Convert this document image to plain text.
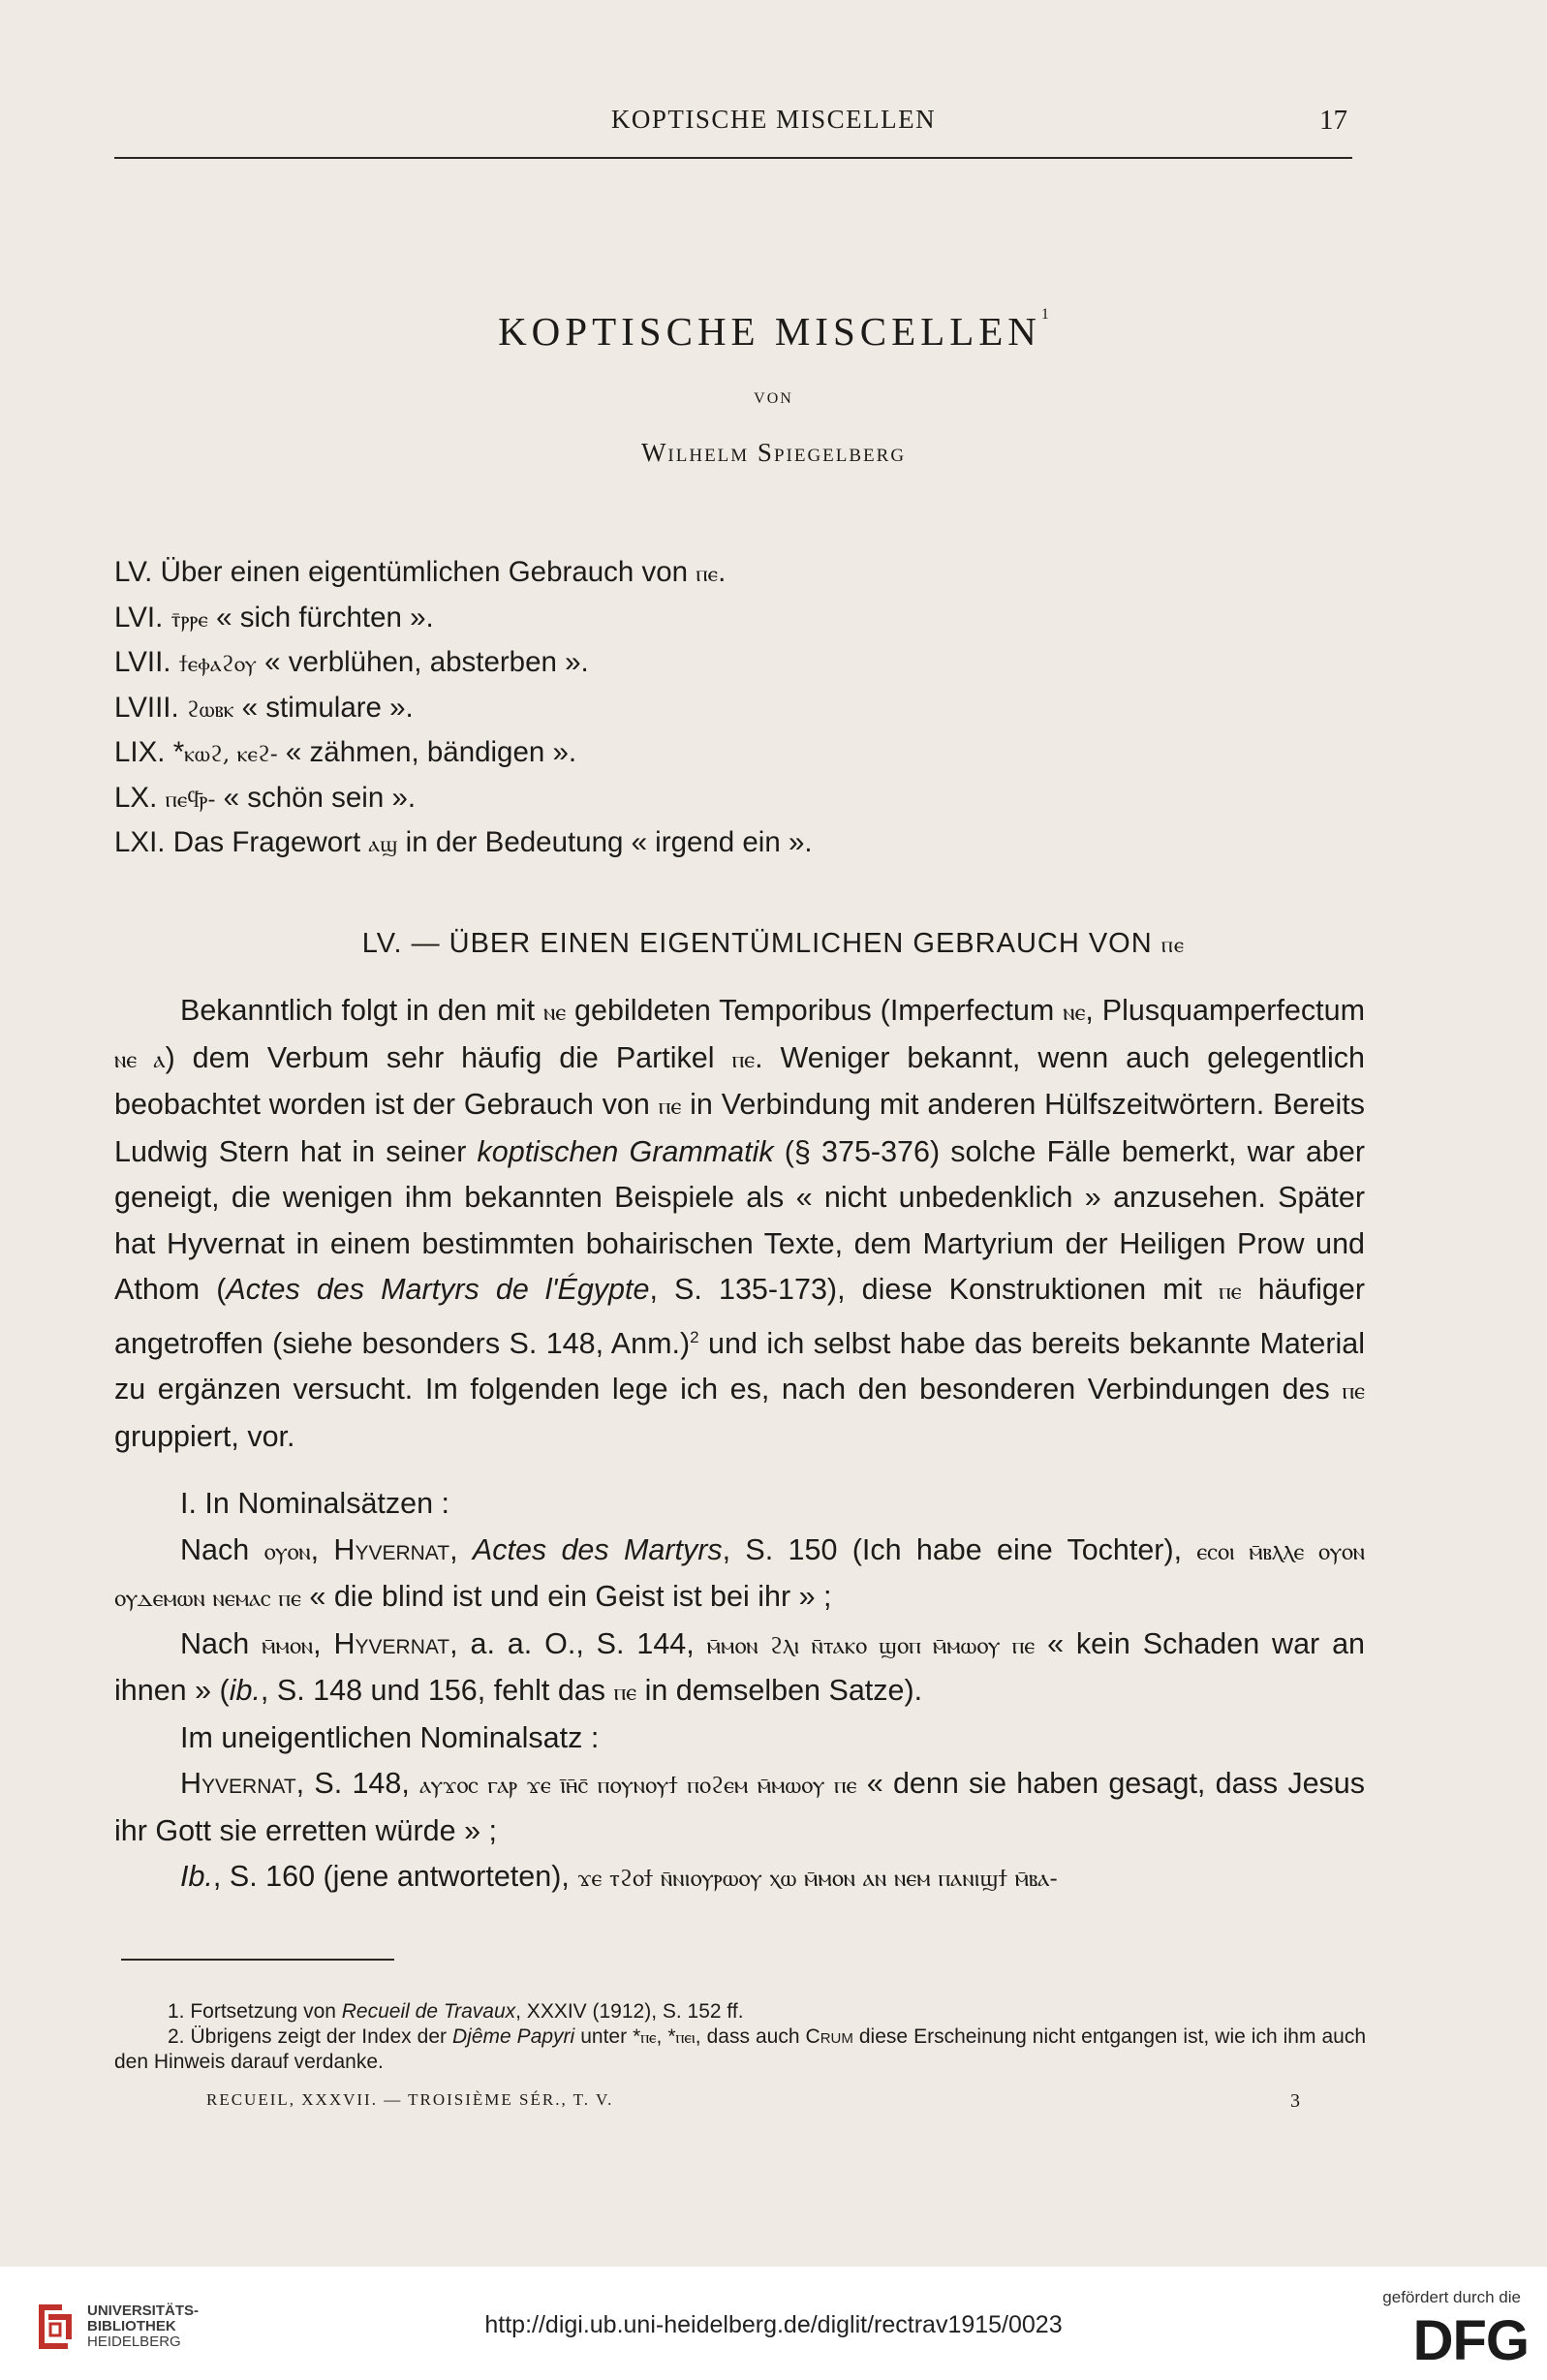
KOPTISCHE MISCELLEN	17
KOPTISCHE MISCELLEN$^1$
VON
Wilhelm Spiegelberg
LV. Über einen eigentümlichen Gebrauch von ⲡⲉ.
LVI. ⲧ̄ⲣⲣⲉ « sich fürchten ».
LVII. ϯⲉⲫⲁϩⲟⲩ « verblühen, absterben ».
LVIII. ϩⲱⲃⲕ « stimulare ».
LIX. *ⲕⲱϩ, ⲕⲉϩ- « zähmen, bändigen ».
LX. ⲡⲉϥ̄ⲣ- « schön sein ».
LXI. Das Fragewort ⲁϣ in der Bedeutung « irgend ein ».
LV. — ÜBER EINEN EIGENTÜMLICHEN GEBRAUCH VON ⲡⲉ

Bekanntlich folgt in den mit ⲛⲉ gebildeten Temporibus (Imperfectum ⲛⲉ, Plusquamperfectum ⲛⲉ ⲁ) dem Verbum sehr häufig die Partikel ⲡⲉ. Weniger bekannt, wenn auch gelegentlich beobachtet worden ist der Gebrauch von ⲡⲉ in Verbindung mit anderen Hülfszeitwörtern. Bereits Ludwig Stern hat in seiner koptischen Grammatik (§ 375-376) solche Fälle bemerkt, war aber geneigt, die wenigen ihm bekannten Beispiele als « nicht unbedenklich » anzusehen. Später hat Hyvernat in einem bestimmten bohairischen Texte, dem Martyrium der Heiligen Prow und Athom (Actes des Martyrs de l'Égypte, S. 135-173), diese Konstruktionen mit ⲡⲉ häufiger angetroffen (siehe besonders S. 148, Anm.)$^2$ und ich selbst habe das bereits bekannte Material zu ergänzen versucht. Im folgenden lege ich es, nach den besonderen Verbindungen des ⲡⲉ gruppiert, vor.

I. In Nominalsätzen :

Nach ⲟⲩⲟⲛ, Hyvernat, Actes des Martyrs, S. 150 (Ich habe eine Tochter), ⲉⲥⲟⲓ ⲙ̄ⲃⲗⲗⲉ ⲟⲩⲟⲛ ⲟⲩⲇⲉⲙⲱⲛ ⲛⲉⲙⲁⲥ ⲡⲉ « die blind ist und ein Geist ist bei ihr » ;

Nach ⲙ̄ⲙⲟⲛ, Hyvernat, a. a. O., S. 144, ⲙ̄ⲙⲟⲛ ϩⲗⲓ ⲛ̄ⲧⲁⲕⲟ ϣⲟⲡ ⲙ̄ⲙⲱⲟⲩ ⲡⲉ « kein Schaden war an ihnen » (ib., S. 148 und 156, fehlt das ⲡⲉ in demselben Satze).

Im uneigentlichen Nominalsatz :

Hyvernat, S. 148, ⲁⲩϫⲟⲥ ⲅⲁⲣ ϫⲉ ⲓ̄ⲏ̄ⲥ̄ ⲡⲟⲩⲛⲟⲩϯ ⲡⲟϩⲉⲙ ⲙ̄ⲙⲱⲟⲩ ⲡⲉ « denn sie haben gesagt, dass Jesus ihr Gott sie erretten würde » ;

Ib., S. 160 (jene antworteten), ϫⲉ ⲧϩⲟϯ ⲛ̄ⲛⲓⲟⲩⲣⲱⲟⲩ ⲭⲱ ⲙ̄ⲙⲟⲛ ⲁⲛ ⲛⲉⲙ ⲡⲁⲛⲓϣϯ ⲙ̄ⲃⲁ-

1. Fortsetzung von Recueil de Travaux, XXXIV (1912), S. 152 ff.

2. Übrigens zeigt der Index der Djême Papyri unter *ⲡⲉ, *ⲡⲉⲓ, dass auch Crum diese Erscheinung nicht entgangen ist, wie ich ihm auch den Hinweis darauf verdanke.

RECUEIL, XXXVII. — TROISIÈME SÉR., T. V.	3
UNIVERSITÄTS-
BIBLIOTHEK
HEIDELBERG
http://digi.ub.uni-heidelberg.de/diglit/rectrav1915/0023
gefördert durch die
DFG
